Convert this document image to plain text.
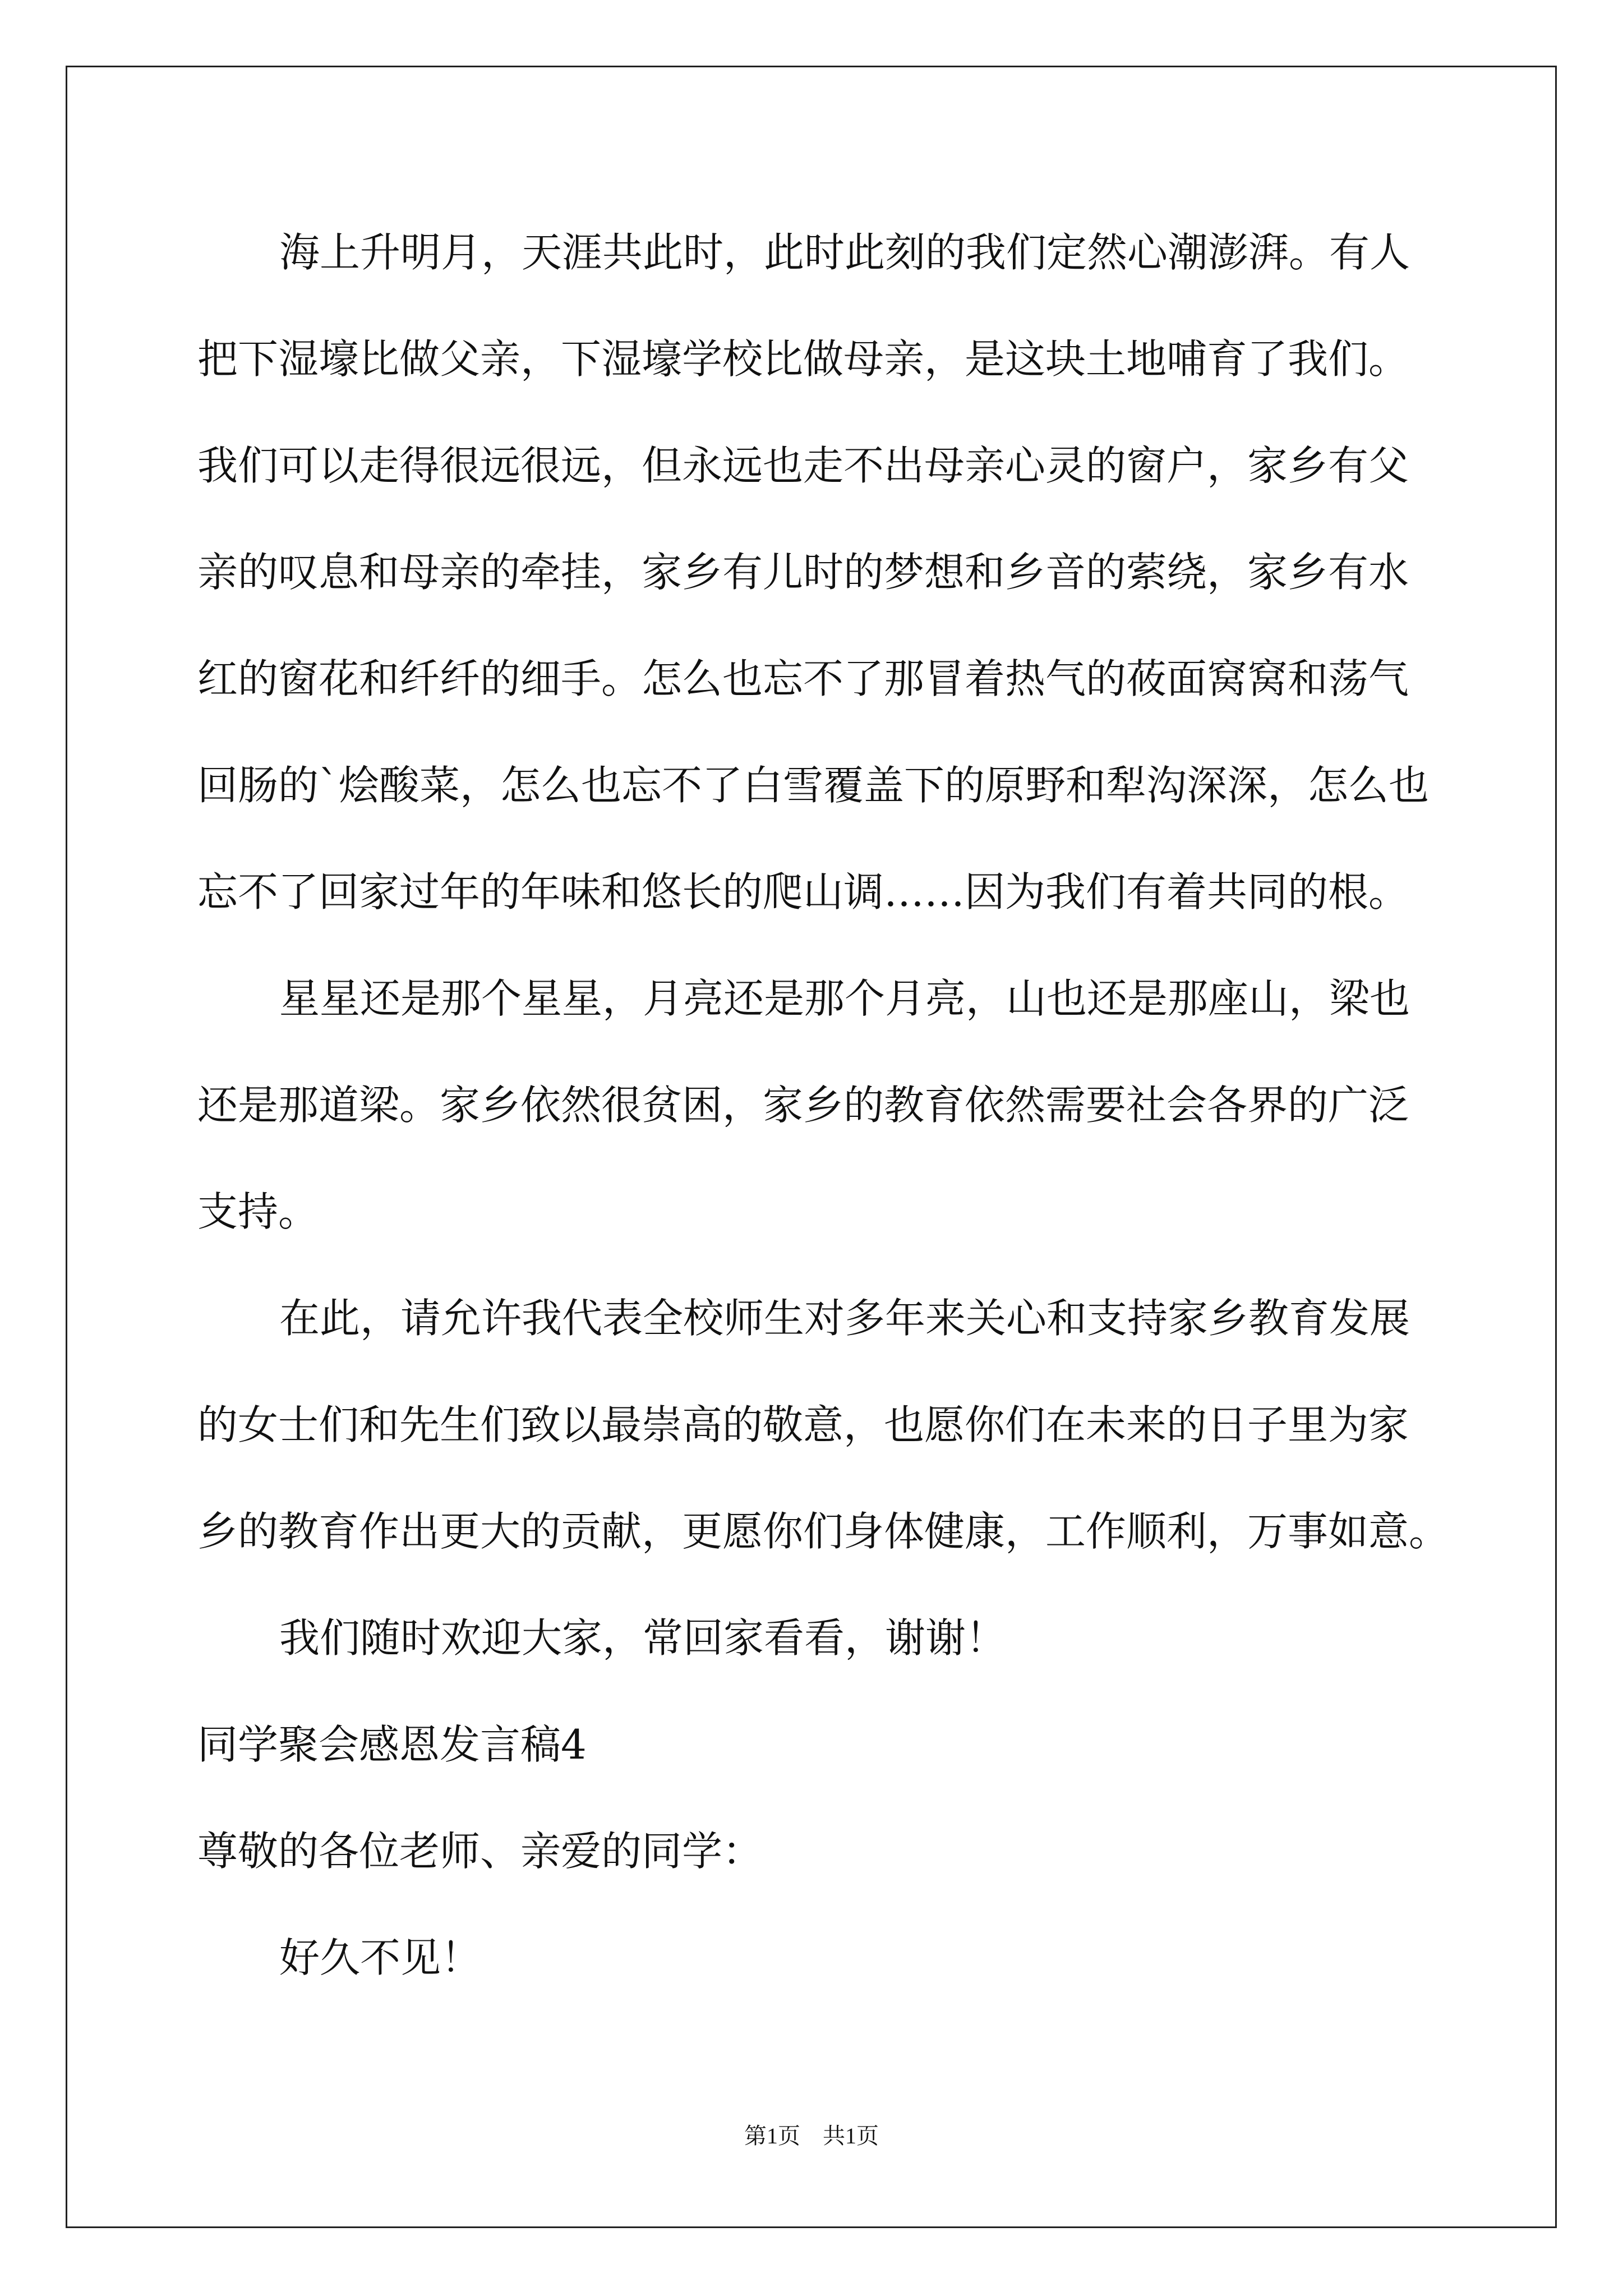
海上升明月，天涯共此时，此时此刻的我们定然心潮澎湃。有人
把下湿壕比做父亲，下湿壕学校比做母亲，是这块土地哺育了我们。
我们可以走得很远很远，但永远也走不出母亲心灵的窗户，家乡有父
亲的叹息和母亲的牵挂，家乡有儿时的梦想和乡音的萦绕，家乡有水
红的窗花和纤纤的细手。怎么也忘不了那冒着热气的莜面窝窝和荡气
回肠的`烩酸菜，怎么也忘不了白雪覆盖下的原野和犁沟深深，怎么也
忘不了回家过年的年味和悠长的爬山调……因为我们有着共同的根。
星星还是那个星星，月亮还是那个月亮，山也还是那座山，梁也
还是那道梁。家乡依然很贫困，家乡的教育依然需要社会各界的广泛
支持。
在此，请允许我代表全校师生对多年来关心和支持家乡教育发展
的女士们和先生们致以最崇高的敬意，也愿你们在未来的日子里为家
乡的教育作出更大的贡献，更愿你们身体健康，工作顺利，万事如意。
我们随时欢迎大家，常回家看看，谢谢！
同学聚会感恩发言稿4
尊敬的各位老师、亲爱的同学：
好久不见！
第1页　共1页
